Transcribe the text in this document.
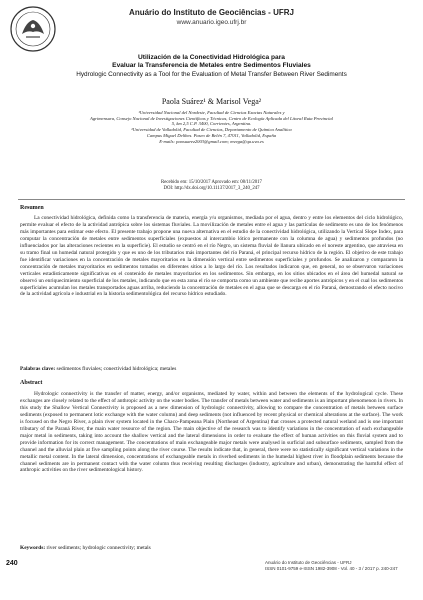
Anuário do Instituto de Geociências - UFRJ
www.anuario.igeo.ufrj.br
Utilización de la Conectividad Hidrológica para
Evaluar la Transferencia de Metales entre Sedimentos Fluviales
Hydrologic Connectivity as a Tool for the Evaluation of Metal Transfer Between River Sediments
Paola Suárez¹ & Marisol Vega²
¹Universidad Nacional del Nordeste, Facultad de Ciencias Exactas Naturales y
Agrimensura, Consejo Nacional de Investigaciones Científicas y Técnicas, Centro de Ecología Aplicada del Litoral Ruta Provincial
5, km 2,5 C.P. 3400, Corrientes, Argentina.
²Universidad de Valladolid, Facultad de Ciencias, Departamento de Química Analítica
Campus Miguel Delibes. Paseo de Belén 7, 47011, Valladolid, España
E-mails: paosuarez2003@gmail.com; mvega@qa.uva.es
Recebido em: 15/10/2017 Aprovado em: 08/11/2017
DOI: http://dx.doi.org/10.11137/2017_3_240_247
Resumen

La conectividad hidrológica, definida como la transferencia de materia, energía y/u organismos, mediada por el agua, dentro y entre los elementos del ciclo hidrológico, permite evaluar el efecto de la actividad antrópica sobre los sistemas fluviales. La movilización de metales entre el agua y las partículas de sedimento es uno de los fenómenos más importantes para estimar este efecto. El presente trabajo propone una nueva alternativa en el estudio de la conectividad hidrológica, utilizando la Vertical Slope Index, para computar la concentración de metales entre sedimentos superficiales (expuestos al intercambio lótico permanente con la columna de agua) y sedimentos profundos (no influenciados por las alteraciones recientes en la superficie). El estudio se centró en el río Negro, un sistema fluvial de llanura ubicado en el noreste argentino, que atraviesa en su tramo final un humedal natural protegido y que es uno de los tributarios más importantes del río Paraná, el principal recurso hídrico de la región. El objetivo de este trabajo fue identificar variaciones en la concentración de metales mayoritarios en la dimensión vertical entre sedimentos superficiales y profundos. Se analizaron y compararon la concentración de metales mayoritarios en sedimentos tomados en diferentes sitios a lo largo del río. Los resultados indicaron que, en general, no se observaron variaciones verticales estadísticamente significativas en el contenido de metales mayoritarios en los sedimentos. Sin embargo, en los sitios ubicados en el área del humedal natural se observó un enriquecimiento superficial de los metales, indicando que en esta zona el río se comporta como un ambiente que recibe aportes antrópicos y en el cual los sedimentos superficiales acumulan los metales transportados aguas arriba, reduciendo la concentración de metales en el agua que se descarga en el río Paraná, demostrando el efecto nocivo de la actividad agrícola e industrial en la historia sedimentológica del recurso hídrico estudiado.

Palabras clave: sedimentos fluviales; conectividad hidrológica; metales
Abstract

Hydrologic connectivity is the transfer of matter, energy, and/or organisms, mediated by water, within and between the elements of the hydrological cycle. These exchanges are closely related to the effect of anthropic activity on the water bodies. The transfer of metals between water and sediments is an important phenomenon in rivers. In this study the Shallow Vertical Connectivity is proposed as a new dimension of hydrologic connectivity, allowing to compare the concentration of metals between surface sediments (exposed to permanent lotic exchange with the water column) and deep sediments (not influenced by recent physical or chemical alterations at the surface). The work is focused on the Negro River, a plain river system located in the Chaco-Pampeana Plain (Northeast of Argentina) that crosses a protected natural wetland and is one important tributary of the Paraná River, the main water resource of the region. The main objective of the research was to identify variations in the concentration of each exchangeable major metal in sediments, taking into account the shallow vertical and the lateral dimensions in order to evaluate the effect of human activities on this fluvial system and to provide information for its correct management. The concentrations of main exchangeable major metals were analysed in surficial and subsurface sediments, sampled from the channel and the alluvial plain at five sampling points along the river course. The results indicate that, in general, there were no statistically significant vertical variations in the metallic metal content. In the lateral dimension, concentrations of exchangeable metals in riverbed sediments in the humedal highest river in floodplain sediments because the channel sediments are in permanent contact with the water column thus receiving resulting discharges (industry, agriculture and urban), demonstrating the harmful effect of anthropic activities on the river sedimentological history.

Keywords: river sediments; hydrologic connectivity; metals
240	Anuário do Instituto de Geociências - UFRJ
ISSN 0101-9759 e-ISSN 1982-3908 - Vol. 40 - 3 / 2017 p. 240-247
